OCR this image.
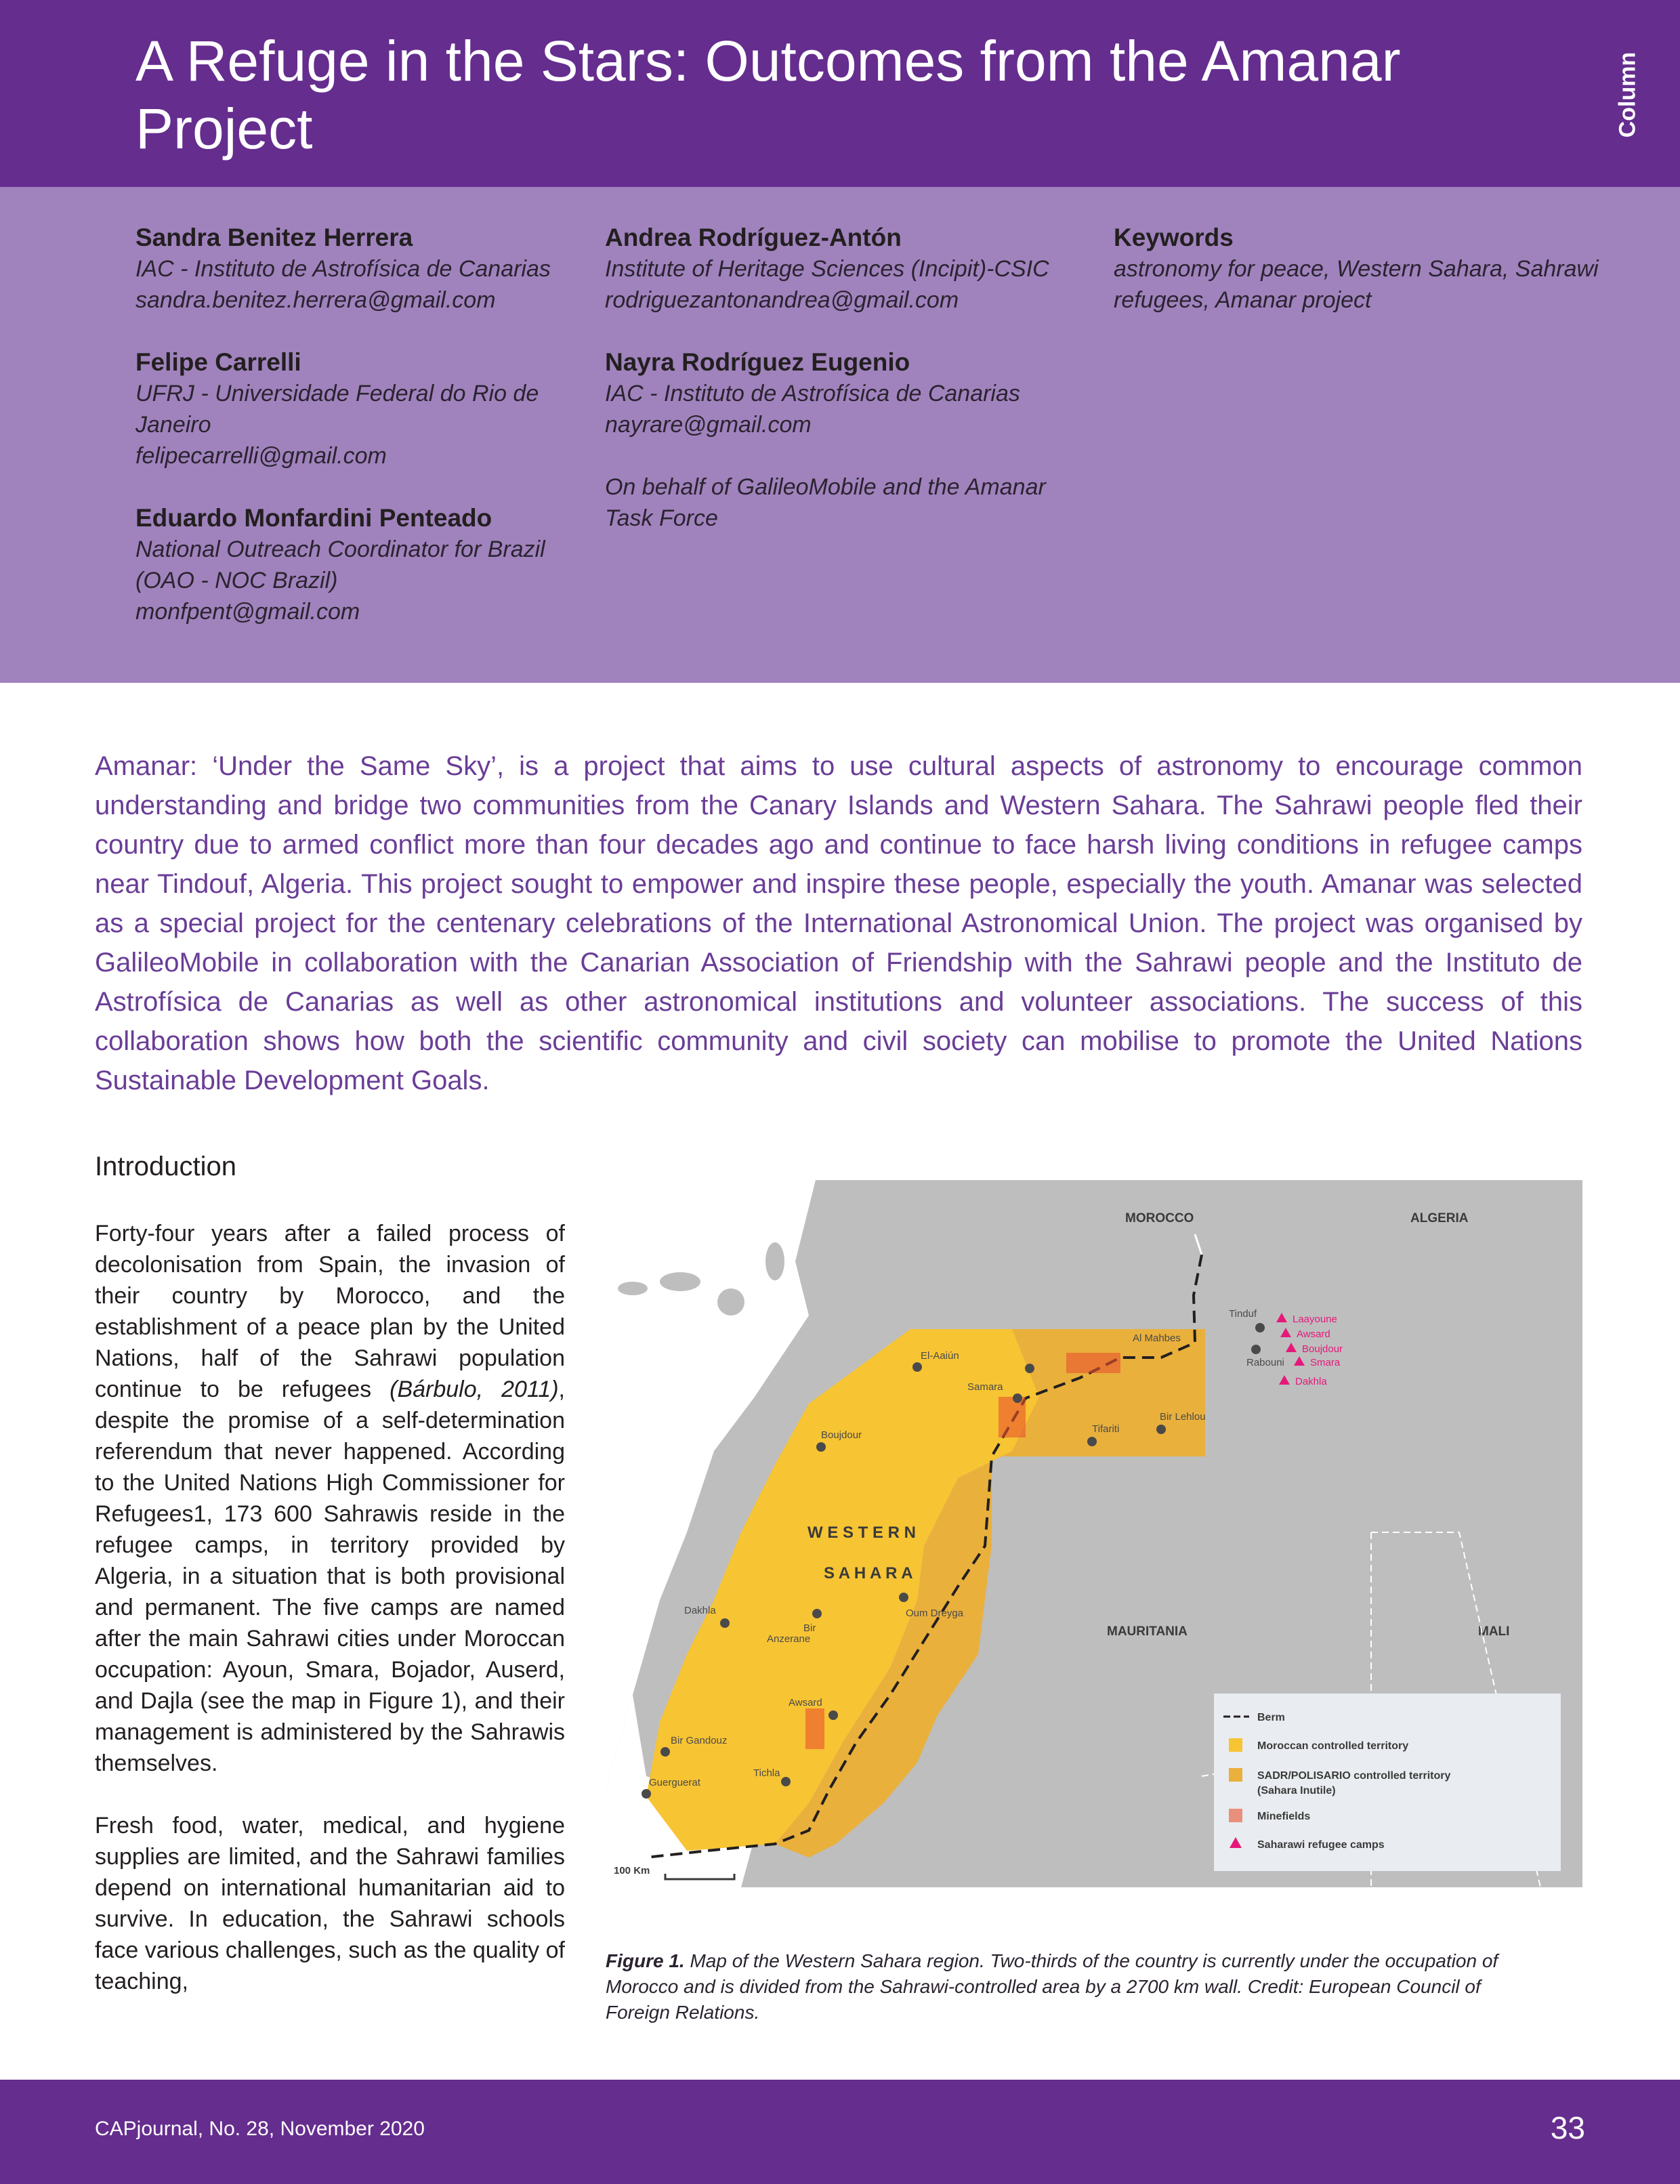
A Refuge in the Stars: Outcomes from the Amanar
Project	Column
Sandra Benitez Herrera
IAC - Instituto de Astrofísica de Canarias
sandra.benitez.herrera@gmail.com
Felipe Carrelli
UFRJ - Universidade Federal do Rio de
Janeiro
felipecarrelli@gmail.com
Eduardo Monfardini Penteado
National Outreach Coordinator for Brazil
(OAO - NOC Brazil)
monfpent@gmail.com
Andrea Rodríguez-Antón
Institute of Heritage Sciences (Incipit)-CSIC
rodriguezantonandrea@gmail.com
Nayra Rodríguez Eugenio
IAC - Instituto de Astrofísica de Canarias
nayrare@gmail.com
On behalf of GalileoMobile and the Amanar
Task Force
Keywords
astronomy for peace, Western Sahara, Sahrawi
refugees, Amanar project

Amanar: ‘Under the Same Sky’, is a project that aims to use cultural aspects of astronomy to encourage common understanding and bridge two communities from the Canary Islands and Western Sahara. The Sahrawi people fled their country due to armed conflict more than four decades ago and continue to face harsh living conditions in refugee camps near Tindouf, Algeria. This project sought to empower and inspire these people, especially the youth. Amanar was selected as a special project for the centenary celebrations of the International Astronomical Union. The project was organised by GalileoMobile in collaboration with the Canarian Association of Friendship with the Sahrawi people and the Instituto de Astrofísica de Canarias as well as other astronomical institutions and volunteer associations. The success of this collaboration shows how both the scientific community and civil society can mobilise to promote the United Nations Sustainable Development Goals.

Introduction

Forty-four years after a failed process of decolonisation from Spain, the invasion of their country by Morocco, and the establishment of a peace plan by the United Nations, half of the Sahrawi population continue to be refugees (Bárbulo, 2011), despite the promise of a self-determination referendum that never happened. According to the United Nations High Commissioner for Refugees1, 173 600 Sahrawis reside in the refugee camps, in territory provided by Algeria, in a situation that is both provisional and permanent. The five camps are named after the main Sahrawi cities under Moroccan occupation: Ayoun, Smara, Bojador, Auserd, and Dajla (see the map in Figure 1), and their management is administered by the Sahrawis themselves.

Fresh food, water, medical, and hygiene supplies are limited, and the Sahrawi families depend on international humanitarian aid to survive. In education, the Sahrawi schools face various challenges, such as the quality of teaching,

MOROCCO	ALGERIA
MAURITANIA	MALI
W E S T E R N
S A H A R A
El-Aaiún
Al Mahbes
Samara
Boujdour
Tifariti
Bir Lehlou
Dakhla
Bir
Anzerane
Oum Dreyga
Awsard
Bir Gandouz
Tichla
Guerguerat
Tinduf
Rabouni
Laayoune
Awsard
Boujdour
Smara
Dakhla
Berm
Moroccan controlled territory
SADR/POLISARIO controlled territory
(Sahara Inutile)
Minefields
Saharawi refugee camps
100 Km

Figure 1. Map of the Western Sahara region. Two-thirds of the country is currently under the occupation of Morocco and is divided from the Sahrawi-controlled area by a 2700 km wall. Credit: European Council of Foreign Relations.

CAPjournal, No. 28, November 2020	33
